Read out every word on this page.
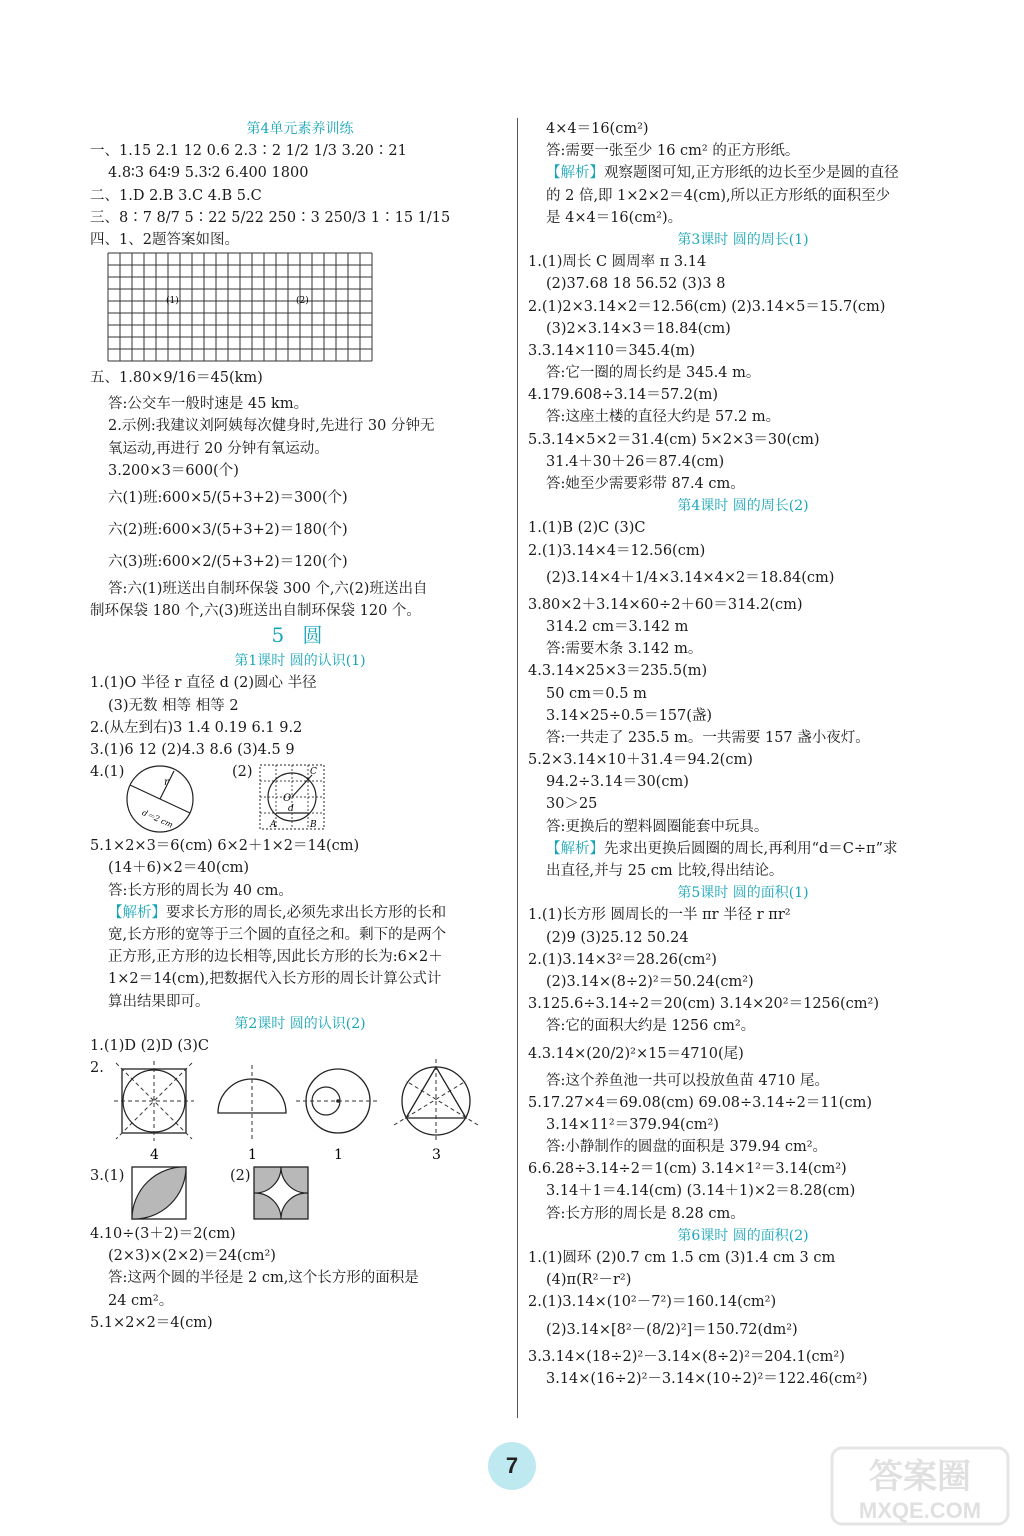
第4单元素养训练
一、1.15 2.1 12 0.6 2.3∶2 1/2 1/3 3.20∶21
4.8∶3 64∶9 5.3∶2 6.400 1800
二、1.D 2.B 3.C 4.B 5.C
三、8∶7 8/7 5∶22 5/22 250∶3 250/3 1∶15 1/15
四、1、2题答案如图。
(1)	(2)
五、1.80×9/16＝45(km)
答:公交车一般时速是 45 km。
2.示例:我建议刘阿姨每次健身时,先进行 30 分钟无
氧运动,再进行 20 分钟有氧运动。
3.200×3＝600(个)
六(1)班:600×5/(5+3+2)＝300(个)
六(2)班:600×3/(5+3+2)＝180(个)
六(3)班:600×2/(5+3+2)＝120(个)
答:六(1)班送出自制环保袋 300 个,六(2)班送出自
制环保袋 180 个,六(3)班送出自制环保袋 120 个。
5 圆
第1课时 圆的认识(1)
1.(1)O 半径 r 直径 d (2)圆心 半径
(3)无数 相等 相等 2
2.(从左到右)3 1.4 0.19 6.1 9.2
3.(1)6 12 (2)4.3 8.6 (3)4.5 9
4.(1)
r
d＝2 cm
(2)
O
C
A	B
d
5.1×2×3＝6(cm) 6×2＋1×2＝14(cm)
(14＋6)×2＝40(cm)
答:长方形的周长为 40 cm。
【解析】要求长方形的周长,必须先求出长方形的长和
宽,长方形的宽等于三个圆的直径之和。剩下的是两个
正方形,正方形的边长相等,因此长方形的长为:6×2＋
1×2＝14(cm),把数据代入长方形的周长计算公式计
算出结果即可。
第2课时 圆的认识(2)
1.(1)D (2)D (3)C
2.
4	1	1	3
3.(1)	(2)
4.10÷(3＋2)＝2(cm)
(2×3)×(2×2)＝24(cm²)
答:这两个圆的半径是 2 cm,这个长方形的面积是
24 cm²。
5.1×2×2＝4(cm)
4×4＝16(cm²)
答:需要一张至少 16 cm² 的正方形纸。
【解析】观察题图可知,正方形纸的边长至少是圆的直径
的 2 倍,即 1×2×2＝4(cm),所以正方形纸的面积至少
是 4×4＝16(cm²)。
第3课时 圆的周长(1)
1.(1)周长 C 圆周率 π 3.14
(2)37.68 18 56.52 (3)3 8
2.(1)2×3.14×2＝12.56(cm) (2)3.14×5＝15.7(cm)
(3)2×3.14×3＝18.84(cm)
3.3.14×110＝345.4(m)
答:它一圈的周长约是 345.4 m。
4.179.608÷3.14＝57.2(m)
答:这座土楼的直径大约是 57.2 m。
5.3.14×5×2＝31.4(cm) 5×2×3＝30(cm)
31.4＋30＋26＝87.4(cm)
答:她至少需要彩带 87.4 cm。
第4课时 圆的周长(2)
1.(1)B (2)C (3)C
2.(1)3.14×4＝12.56(cm)
(2)3.14×4＋1/4×3.14×4×2＝18.84(cm)
3.80×2＋3.14×60÷2＋60＝314.2(cm)
314.2 cm＝3.142 m
答:需要木条 3.142 m。
4.3.14×25×3＝235.5(m)
50 cm＝0.5 m
3.14×25÷0.5＝157(盏)
答:一共走了 235.5 m。一共需要 157 盏小夜灯。
5.2×3.14×10＋31.4＝94.2(cm)
94.2÷3.14＝30(cm)
30＞25
答:更换后的塑料圆圈能套中玩具。
【解析】先求出更换后圆圈的周长,再利用“d＝C÷π”求
出直径,并与 25 cm 比较,得出结论。
第5课时 圆的面积(1)
1.(1)长方形 圆周长的一半 πr 半径 r πr²
(2)9 (3)25.12 50.24
2.(1)3.14×3²＝28.26(cm²)
(2)3.14×(8÷2)²＝50.24(cm²)
3.125.6÷3.14÷2＝20(cm) 3.14×20²＝1256(cm²)
答:它的面积大约是 1256 cm²。
4.3.14×(20/2)²×15＝4710(尾)
答:这个养鱼池一共可以投放鱼苗 4710 尾。
5.17.27×4＝69.08(cm) 69.08÷3.14÷2＝11(cm)
3.14×11²＝379.94(cm²)
答:小静制作的圆盘的面积是 379.94 cm²。
6.6.28÷3.14÷2＝1(cm) 3.14×1²＝3.14(cm²)
3.14＋1＝4.14(cm) (3.14＋1)×2＝8.28(cm)
答:长方形的周长是 8.28 cm。
第6课时 圆的面积(2)
1.(1)圆环 (2)0.7 cm 1.5 cm (3)1.4 cm 3 cm
(4)π(R²－r²)
2.(1)3.14×(10²－7²)＝160.14(cm²)
(2)3.14×[8²－(8/2)²]＝150.72(dm²)
3.3.14×(18÷2)²－3.14×(8÷2)²＝204.1(cm²)
3.14×(16÷2)²－3.14×(10÷2)²＝122.46(cm²)
7	答案圈
MXQE.COM
